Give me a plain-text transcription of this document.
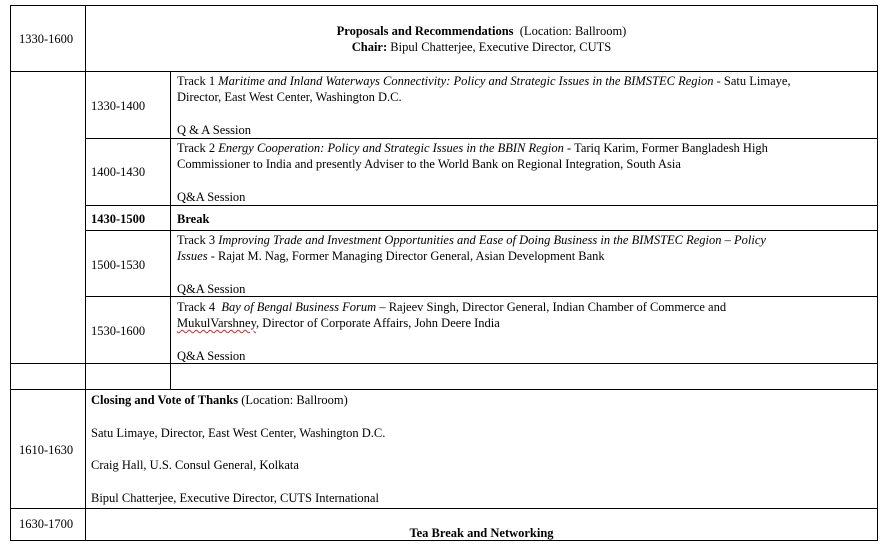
1330-1600
Proposals and Recommendations (Location: Ballroom)
Chair: Bipul Chatterjee, Executive Director, CUTS
1330-1400
Track 1 Maritime and Inland Waterways Connectivity: Policy and Strategic Issues in the BIMSTEC Region - Satu Limaye,
Director, East West Center, Washington D.C.
Q & A Session
1400-1430
Track 2 Energy Cooperation: Policy and Strategic Issues in the BBIN Region - Tariq Karim, Former Bangladesh High
Commissioner to India and presently Adviser to the World Bank on Regional Integration, South Asia
Q&A Session
1430-1500	Break
1500-1530
Track 3 Improving Trade and Investment Opportunities and Ease of Doing Business in the BIMSTEC Region – Policy
Issues - Rajat M. Nag, Former Managing Director General, Asian Development Bank
Q&A Session
1530-1600
Track 4 Bay of Bengal Business Forum – Rajeev Singh, Director General, Indian Chamber of Commerce and
MukulVarshney, Director of Corporate Affairs, John Deere India
Q&A Session
1610-1630
Closing and Vote of Thanks (Location: Ballroom)
Satu Limaye, Director, East West Center, Washington D.C.
Craig Hall, U.S. Consul General, Kolkata
Bipul Chatterjee, Executive Director, CUTS International
1630-1700
Tea Break and Networking
